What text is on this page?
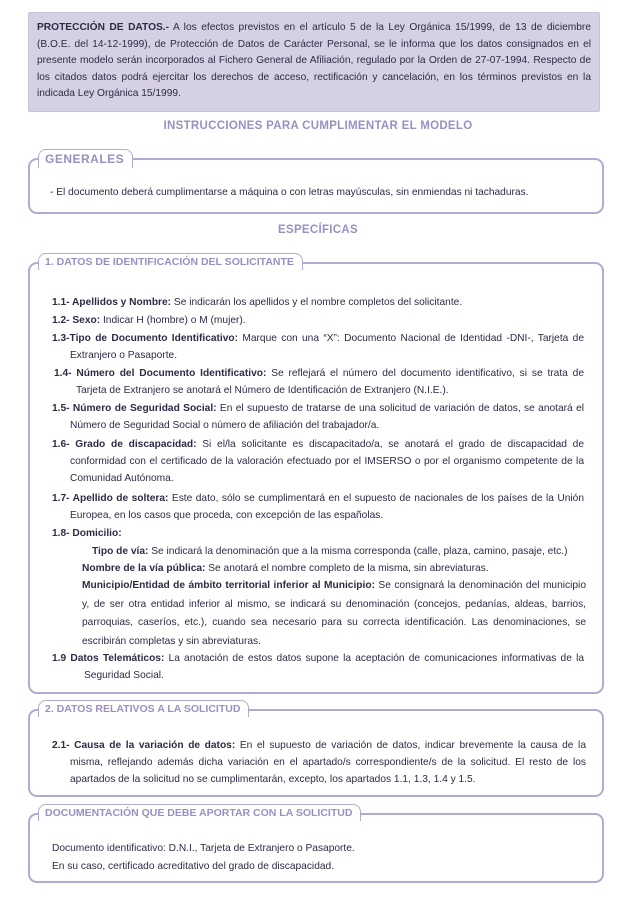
PROTECCIÓN DE DATOS.- A los efectos previstos en el artículo 5 de la Ley Orgánica 15/1999, de 13 de diciembre (B.O.E. del 14-12-1999), de Protección de Datos de Carácter Personal, se le informa que los datos consignados en el presente modelo serán incorporados al Fichero General de Afiliación, regulado por la Orden de 27-07-1994. Respecto de los citados datos podrá ejercitar los derechos de acceso, rectificación y cancelación, en los términos previstos en la indicada Ley Orgánica 15/1999.
INSTRUCCIONES PARA CUMPLIMENTAR EL MODELO
GENERALES
- El documento deberá cumplimentarse a máquina o con letras mayúsculas, sin enmiendas ni tachaduras.
ESPECÍFICAS
1. DATOS DE IDENTIFICACIÓN DEL SOLICITANTE
1.1- Apellidos y Nombre: Se indicarán los apellidos y el nombre completos del solicitante.
1.2- Sexo: Indicar H (hombre) o M (mujer).
1.3-Tipo de Documento Identificativo: Marque con una “X”: Documento Nacional de Identidad -DNI-, Tarjeta de Extranjero o Pasaporte.
1.4- Número del Documento Identificativo: Se reflejará el número del documento identificativo, si se trata de Tarjeta de Extranjero se anotará el Número de Identificación de Extranjero (N.I.E.).
1.5- Número de Seguridad Social: En el supuesto de tratarse de una solicitud de variación de datos, se anotará el Número de Seguridad Social o número de afiliación del trabajador/a.
1.6- Grado de discapacidad: Si el/la solicitante es discapacitado/a, se anotará el grado de discapacidad de conformidad con el certificado de la valoración efectuado por el IMSERSO o por el organismo competente de la Comunidad Autónoma.
1.7- Apellido de soltera: Este dato, sólo se cumplimentará en el supuesto de nacionales de los países de la Unión Europea, en los casos que proceda, con excepción de las españolas.
1.8- Domicilio:
Tipo de vía: Se indicará la denominación que a la misma corresponda (calle, plaza, camino, pasaje, etc.)
Nombre de la vía pública: Se anotará el nombre completo de la misma, sin abreviaturas.
Municipio/Entidad de ámbito territorial inferior al Municipio: Se consignará la denominación del municipio y, de ser otra entidad inferior al mismo, se indicará su denominación (concejos, pedanías, aldeas, barrios, parroquias, caseríos, etc.), cuando sea necesario para su correcta identificación. Las denominaciones, se escribirán completas y sin abreviaturas.
1.9 Datos Telemáticos: La anotación de estos datos supone la aceptación de comunicaciones informativas de la Seguridad Social.
2. DATOS RELATIVOS A LA SOLICITUD
2.1- Causa de la variación de datos: En el supuesto de variación de datos, indicar brevemente la causa de la misma, reflejando además dicha variación en el apartado/s correspondiente/s de la solicitud. El resto de los apartados de la solicitud no se cumplimentarán, excepto, los apartados 1.1, 1.3, 1.4 y 1.5.
DOCUMENTACIÓN QUE DEBE APORTAR CON LA SOLICITUD
Documento identificativo: D.N.I., Tarjeta de Extranjero o Pasaporte.
En su caso, certificado acreditativo del grado de discapacidad.
